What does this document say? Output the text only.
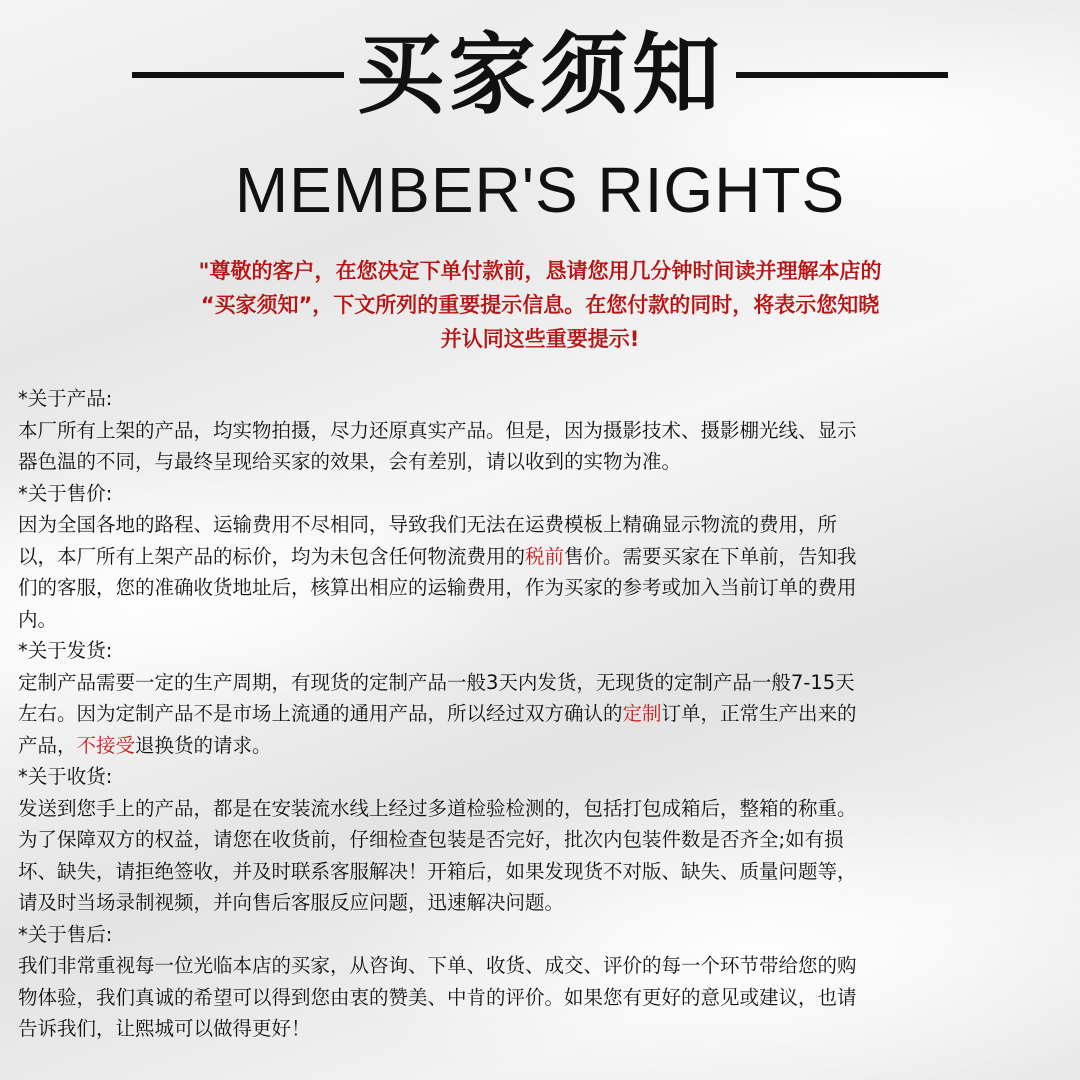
买家须知
MEMBER'S RIGHTS

"尊敬的客户，在您决定下单付款前，恳请您用几分钟时间读并理解本店的

“买家须知”，下文所列的重要提示信息。在您付款的同时，将表示您知晓

并认同这些重要提示!

*关于产品:

本厂所有上架的产品，均实物拍摄，尽力还原真实产品。但是，因为摄影技术、摄影棚光线、显示

器色温的不同，与最终呈现给买家的效果，会有差别，请以收到的实物为准。

*关于售价:

因为全国各地的路程、运输费用不尽相同，导致我们无法在运费模板上精确显示物流的费用，所

以，本厂所有上架产品的标价，均为未包含任何物流费用的税前售价。需要买家在下单前，告知我

们的客服，您的准确收货地址后，核算出相应的运输费用，作为买家的参考或加入当前订单的费用

内。

*关于发货:

定制产品需要一定的生产周期，有现货的定制产品一般3天内发货，无现货的定制产品一般7-15天

左右。因为定制产品不是市场上流通的通用产品，所以经过双方确认的定制订单，正常生产出来的

产品，不接受退换货的请求。

*关于收货:

发送到您手上的产品，都是在安装流水线上经过多道检验检测的，包括打包成箱后，整箱的称重。

为了保障双方的权益，请您在收货前，仔细检查包装是否完好，批次内包装件数是否齐全;如有损

坏、缺失，请拒绝签收，并及时联系客服解决！开箱后，如果发现货不对版、缺失、质量问题等，

请及时当场录制视频，并向售后客服反应问题，迅速解决问题。

*关于售后:

我们非常重视每一位光临本店的买家，从咨询、下单、收货、成交、评价的每一个环节带给您的购

物体验，我们真诚的希望可以得到您由衷的赞美、中肯的评价。如果您有更好的意见或建议，也请

告诉我们，让熙城可以做得更好！
